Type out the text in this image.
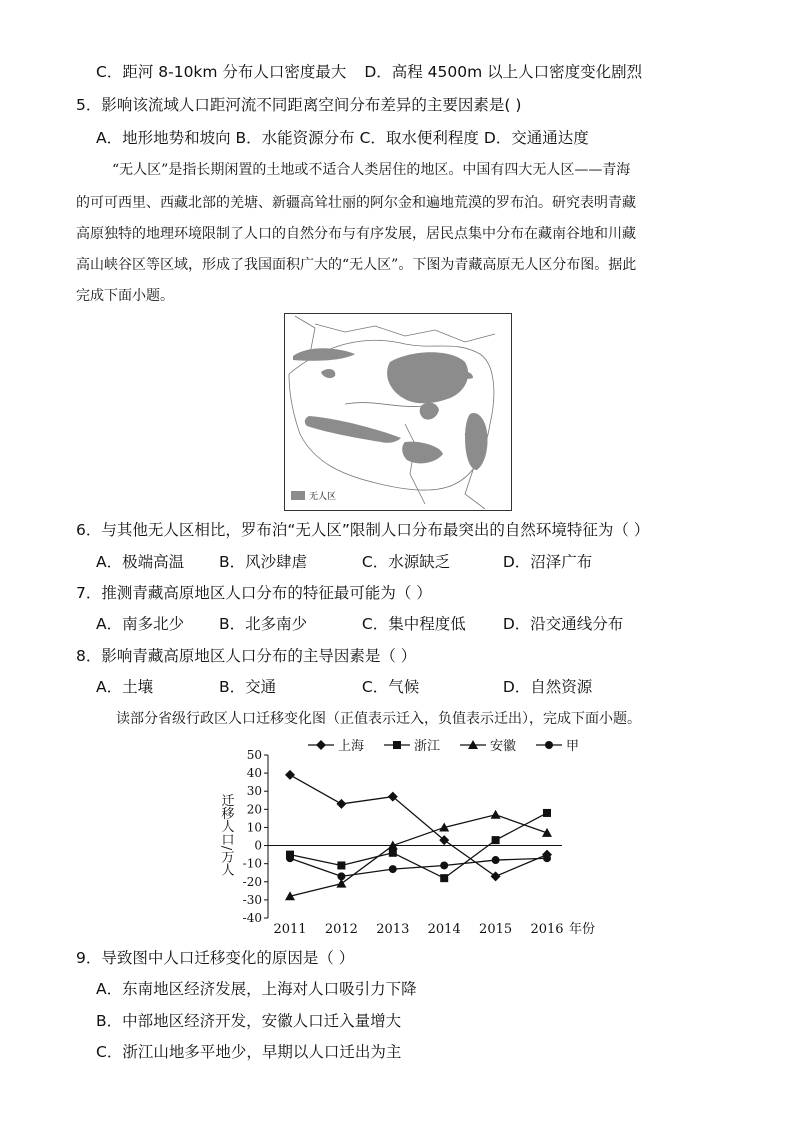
C．距河 8-10km 分布人口密度最大 D．高程 4500m 以上人口密度变化剧烈
5．影响该流域人口距河流不同距离空间分布差异的主要因素是( )
A．地形地势和坡向 B．水能资源分布 C．取水便利程度 D．交通通达度
“无人区”是指长期闲置的土地或不适合人类居住的地区。中国有四大无人区——青海
的可可西里、西藏北部的羌塘、新疆高耸壮丽的阿尔金和遍地荒漠的罗布泊。研究表明青藏
高原独特的地理环境限制了人口的自然分布与有序发展，居民点集中分布在藏南谷地和川藏
高山峡谷区等区域，形成了我国面积广大的“无人区”。下图为青藏高原无人区分布图。据此
完成下面小题。
无人区
6．与其他无人区相比，罗布泊“无人区”限制人口分布最突出的自然环境特征为（ ）
A．极端高温 B．风沙肆虐	C．水源缺乏	D．沼泽广布
7．推测青藏高原地区人口分布的特征最可能为（ ）
A．南多北少 B．北多南少	C．集中程度低 D．沿交通线分布
8．影响青藏高原地区人口分布的主导因素是（ ）
A．土壤	B．交通	C．气候	D．自然资源
读部分省级行政区人口迁移变化图（正值表示迁入，负值表示迁出），完成下面小题。
上海	浙江	安徽	甲
迁移人口/万人
50
40
30
20
10
0
-10
-20
-30
-40
2011 2012 2013 2014 2015 2016 年份
9．导致图中人口迁移变化的原因是（ ）
A．东南地区经济发展，上海对人口吸引力下降
B．中部地区经济开发，安徽人口迁入量增大
C．浙江山地多平地少，早期以人口迁出为主
